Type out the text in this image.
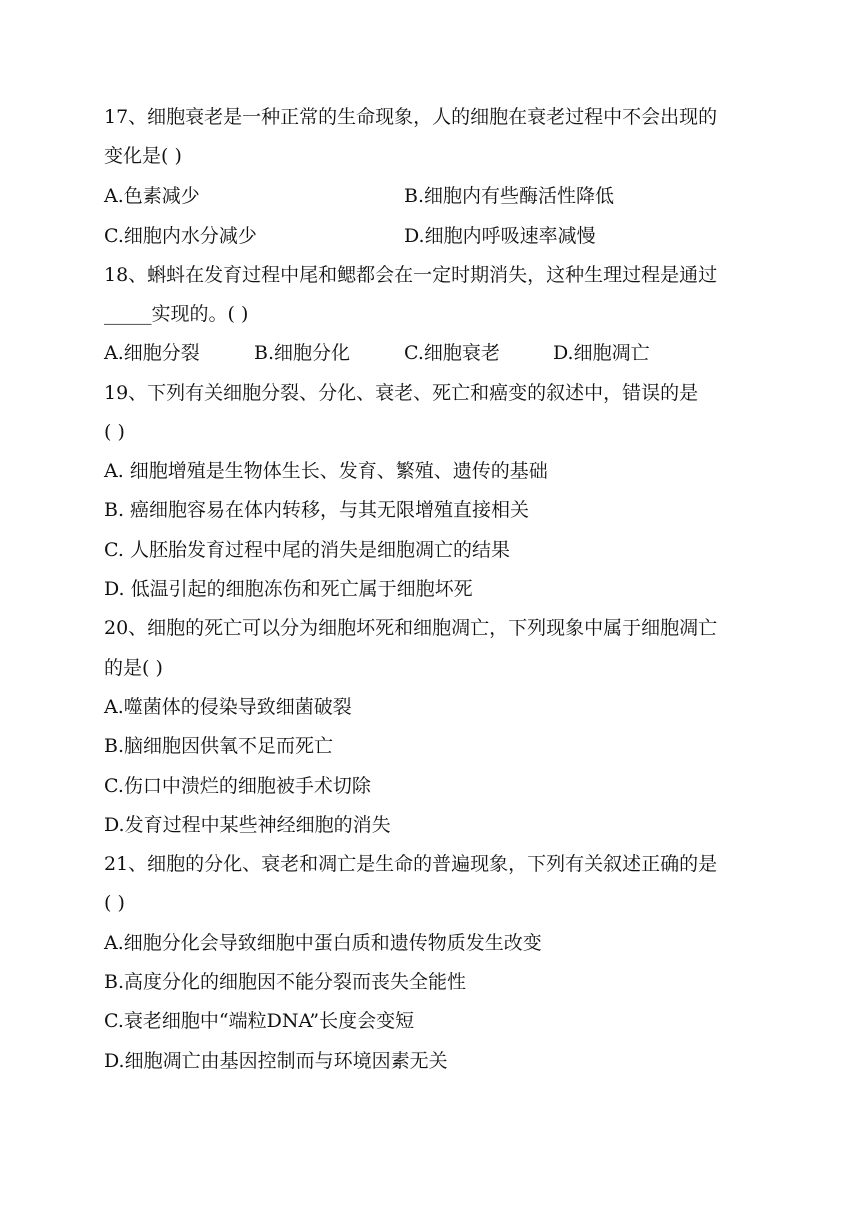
17、细胞衰老是一种正常的生命现象，人的细胞在衰老过程中不会出现的
变化是( )
A.色素减少	B.细胞内有些酶活性降低
C.细胞内水分减少	D.细胞内呼吸速率减慢
18、蝌蚪在发育过程中尾和鳃都会在一定时期消失，这种生理过程是通过
_____实现的。( )
A.细胞分裂	B.细胞分化	C.细胞衰老	D.细胞凋亡
19、下列有关细胞分裂、分化、衰老、死亡和癌变的叙述中，错误的是
( )
A. 细胞增殖是生物体生长、发育、繁殖、遗传的基础
B. 癌细胞容易在体内转移，与其无限增殖直接相关
C. 人胚胎发育过程中尾的消失是细胞凋亡的结果
D. 低温引起的细胞冻伤和死亡属于细胞坏死
20、细胞的死亡可以分为细胞坏死和细胞凋亡，下列现象中属于细胞凋亡
的是( )
A.噬菌体的侵染导致细菌破裂
B.脑细胞因供氧不足而死亡
C.伤口中溃烂的细胞被手术切除
D.发育过程中某些神经细胞的消失
21、细胞的分化、衰老和凋亡是生命的普遍现象，下列有关叙述正确的是
( )
A.细胞分化会导致细胞中蛋白质和遗传物质发生改变
B.高度分化的细胞因不能分裂而丧失全能性
C.衰老细胞中“端粒DNA”长度会变短
D.细胞凋亡由基因控制而与环境因素无关
